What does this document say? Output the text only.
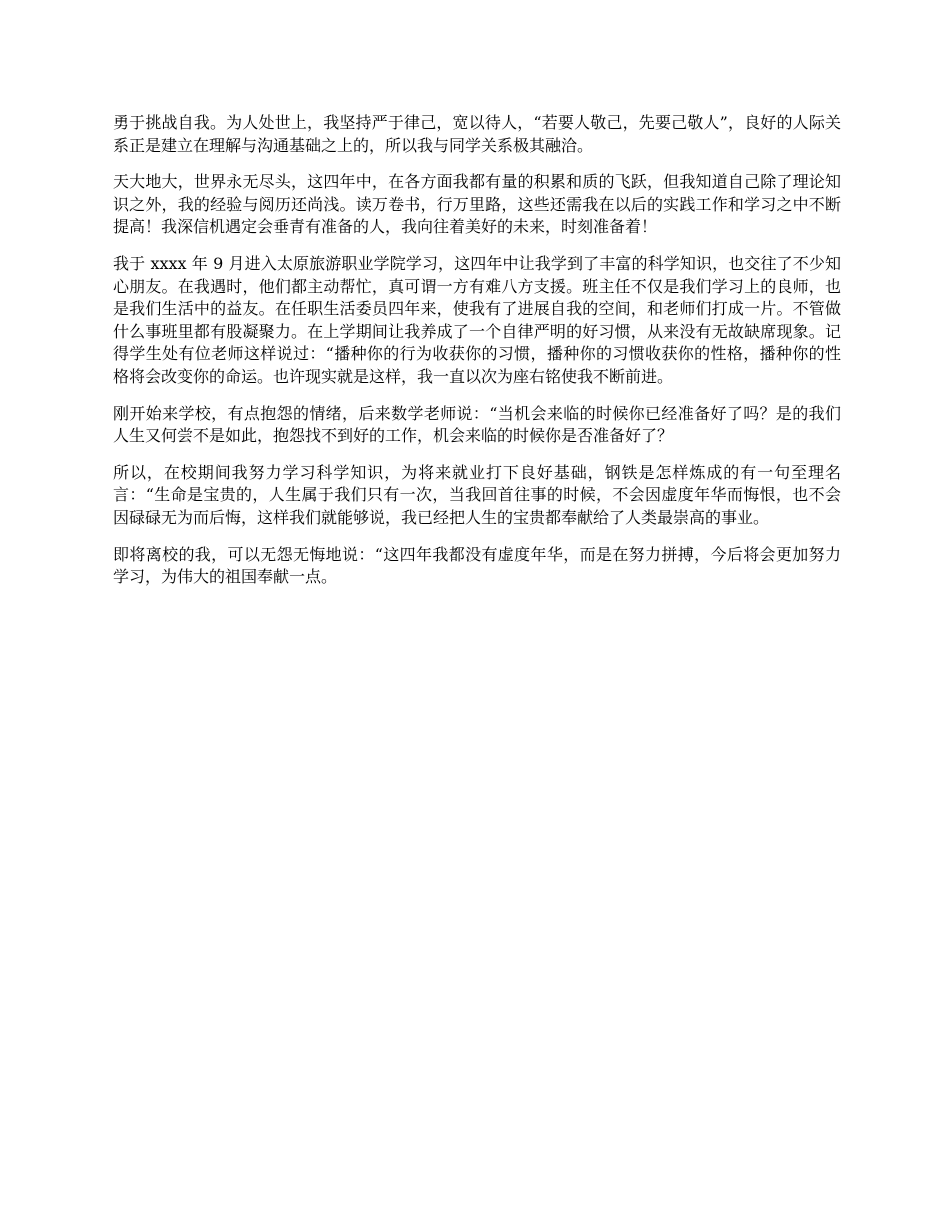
勇于挑战自我。为人处世上，我坚持严于律己，宽以待人，“若要人敬己，先要己敬人”，良好的人际关系正是建立在理解与沟通基础之上的，所以我与同学关系极其融洽。

天大地大，世界永无尽头，这四年中，在各方面我都有量的积累和质的飞跃，但我知道自己除了理论知识之外，我的经验与阅历还尚浅。读万卷书，行万里路，这些还需我在以后的实践工作和学习之中不断提高！我深信机遇定会垂青有准备的人，我向往着美好的未来，时刻准备着！

我于 xxxx 年 9 月进入太原旅游职业学院学习，这四年中让我学到了丰富的科学知识，也交往了不少知心朋友。在我遇时，他们都主动帮忙，真可谓一方有难八方支援。班主任不仅是我们学习上的良师，也是我们生活中的益友。在任职生活委员四年来，使我有了进展自我的空间，和老师们打成一片。不管做什么事班里都有股凝聚力。在上学期间让我养成了一个自律严明的好习惯，从来没有无故缺席现象。记得学生处有位老师这样说过：“播种你的行为收获你的习惯，播种你的习惯收获你的性格，播种你的性格将会改变你的命运。也许现实就是这样，我一直以次为座右铭使我不断前进。

刚开始来学校，有点抱怨的情绪，后来数学老师说：“当机会来临的时候你已经准备好了吗？是的我们人生又何尝不是如此，抱怨找不到好的工作，机会来临的时候你是否准备好了？

所以，在校期间我努力学习科学知识，为将来就业打下良好基础，钢铁是怎样炼成的有一句至理名言：“生命是宝贵的，人生属于我们只有一次，当我回首往事的时候，不会因虚度年华而悔恨，也不会因碌碌无为而后悔，这样我们就能够说，我已经把人生的宝贵都奉献给了人类最崇高的事业。

即将离校的我，可以无怨无悔地说：“这四年我都没有虚度年华，而是在努力拼搏，今后将会更加努力学习，为伟大的祖国奉献一点。
